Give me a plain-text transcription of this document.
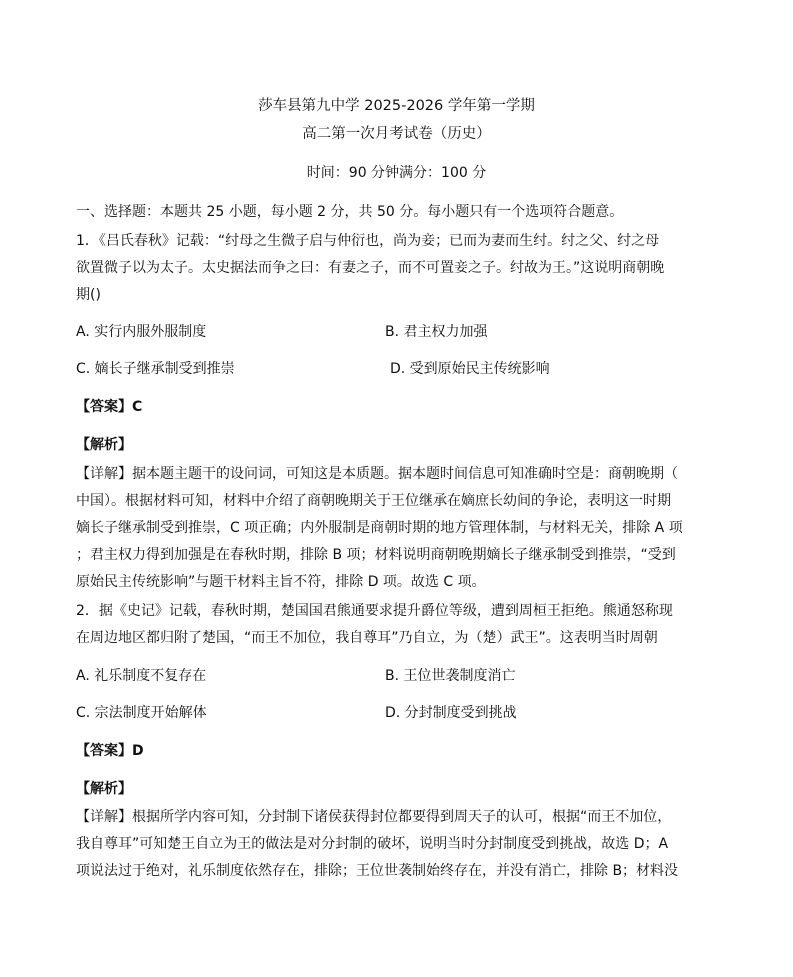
莎车县第九中学 2025-2026 学年第一学期
高二第一次月考试卷（历史）
时间：90 分钟满分：100 分
一、选择题：本题共 25 小题，每小题 2 分，共 50 分。每小题只有一个选项符合题意。
1．《吕氏春秋》记载：“纣母之生微子启与仲衍也，尚为妾；已而为妻而生纣。纣之父、纣之母
欲置微子以为太子。太史据法而争之曰：有妻之子，而不可置妾之子。纣故为王。”这说明商朝晚
期()
A. 实行内服外服制度	B. 君主权力加强
C. 嫡长子继承制受到推崇	D. 受到原始民主传统影响
【答案】C
【解析】
【详解】据本题主题干的设问词，可知这是本质题。据本题时间信息可知准确时空是：商朝晚期（
中国）。根据材料可知，材料中介绍了商朝晚期关于王位继承在嫡庶长幼间的争论，表明这一时期
嫡长子继承制受到推崇，C 项正确；内外服制是商朝时期的地方管理体制，与材料无关，排除 A 项
；君主权力得到加强是在春秋时期，排除 B 项；材料说明商朝晚期嫡长子继承制受到推崇，“受到
原始民主传统影响”与题干材料主旨不符，排除 D 项。故选 C 项。
2．据《史记》记载，春秋时期，楚国国君熊通要求提升爵位等级，遭到周桓王拒绝。熊通怒称现
在周边地区都归附了楚国，“而王不加位，我自尊耳”乃自立，为（楚）武王”。这表明当时周朝
A. 礼乐制度不复存在	B. 王位世袭制度消亡
C. 宗法制度开始解体	D. 分封制度受到挑战
【答案】D
【解析】
【详解】根据所学内容可知，分封制下诸侯获得封位都要得到周天子的认可，根据“而王不加位，
我自尊耳”可知楚王自立为王的做法是对分封制的破坏，说明当时分封制度受到挑战，故选 D；A
项说法过于绝对，礼乐制度依然存在，排除；王位世袭制始终存在，并没有消亡，排除 B；材料没
